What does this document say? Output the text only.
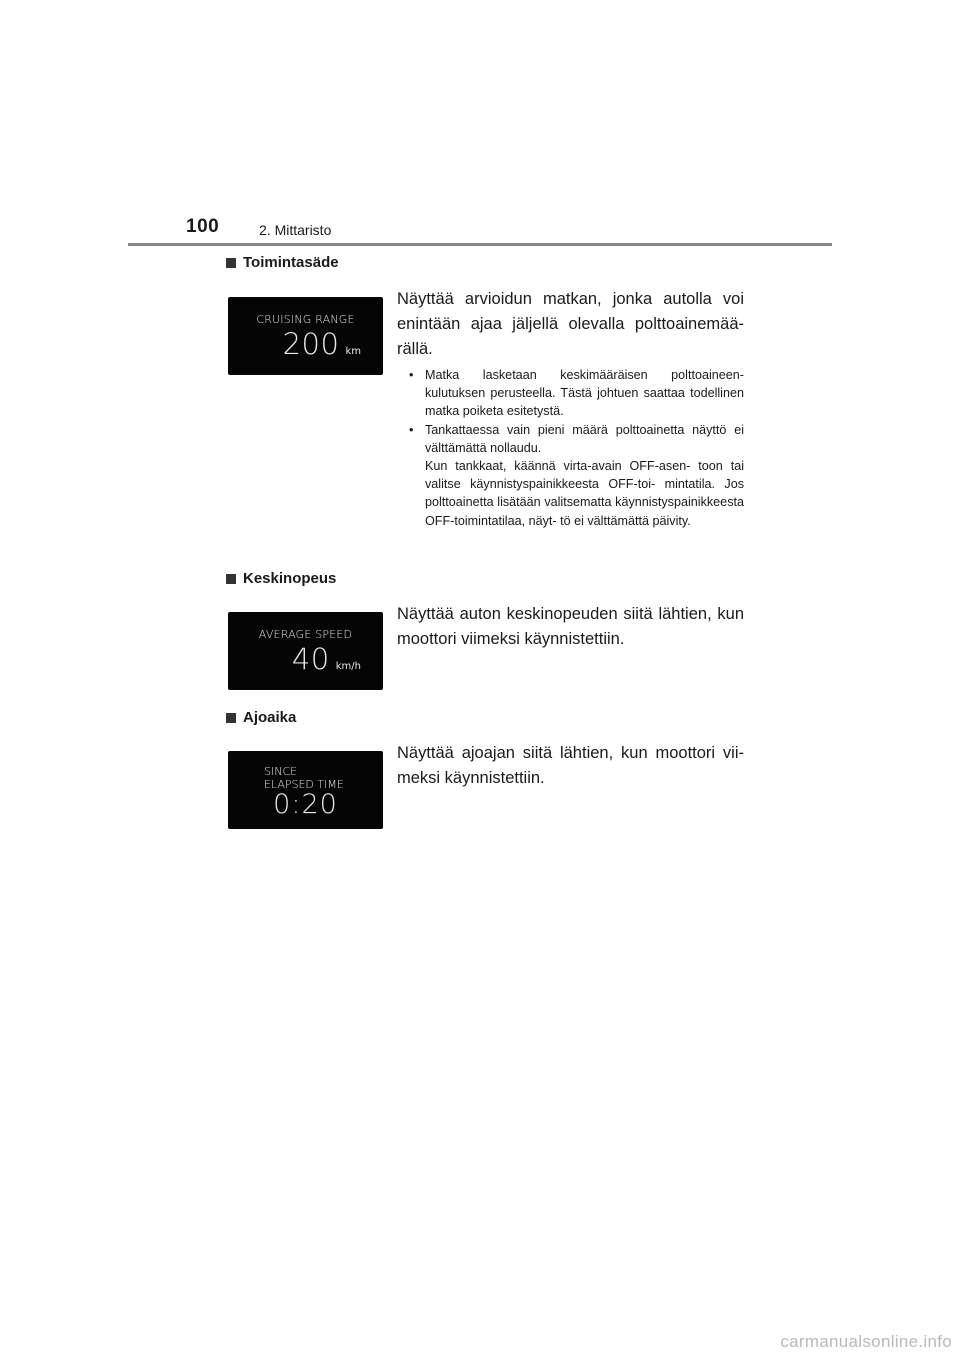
100	2. Mittaristo
Toimintasäde
CRUISING RANGE
200 km
Näyttää arvioidun matkan, jonka autolla voi enintään ajaa jäljellä olevalla polttoainemää- rällä.
• Matka lasketaan keskimääräisen polttoaineen- kulutuksen perusteella. Tästä johtuen saattaa todellinen matka poiketa esitetystä.

• Tankattaessa vain pieni määrä polttoainetta näyttö ei välttämättä nollaudu.

Kun tankkaat, käännä virta-avain OFF-asen- toon tai valitse käynnistyspainikkeesta OFF-toi- mintatila. Jos polttoainetta lisätään valitsematta käynnistyspainikkeesta OFF-toimintatilaa, näyt- tö ei välttämättä päivity.

Keskinopeus
AVERAGE SPEED
40 km/h
Näyttää auton keskinopeuden siitä lähtien, kun moottori viimeksi käynnistettiin.
Ajoaika
SINCE
ELAPSED TIME
0:20
Näyttää ajoajan siitä lähtien, kun moottori vii- meksi käynnistettiin.
carmanualsonline.info
